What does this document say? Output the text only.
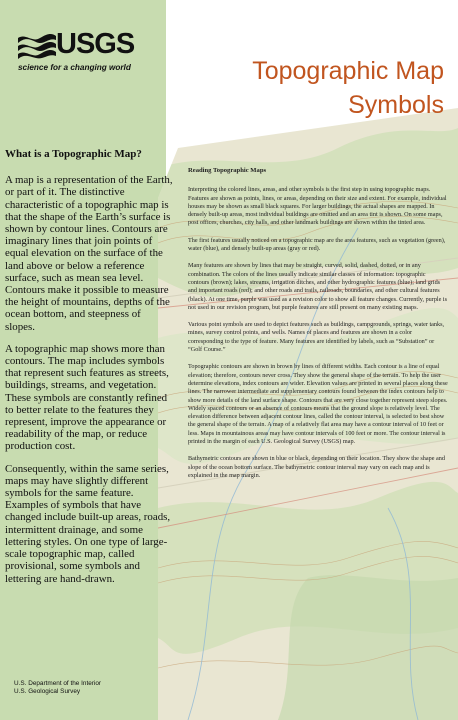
USGS
science for a changing world	Topographic Map
Symbols
What is a Topographic Map?

A map is a representation of the Earth, or part of it. The distinctive characteristic of a topographic map is that the shape of the Earth’s surface is shown by contour lines. Contours are imaginary lines that join points of equal elevation on the surface of the land above or below a reference surface, such as mean sea level. Contours make it possible to measure the height of mountains, depths of the ocean bottom, and steepness of slopes.

A topographic map shows more than contours. The map includes symbols that represent such features as streets, buildings, streams, and vegetation. These symbols are constantly refined to better relate to the features they represent, improve the appearance or readability of the map, or reduce production cost.

Consequently, within the same series, maps may have slightly different symbols for the same feature. Examples of symbols that have changed include built-up areas, roads, intermittent drainage, and some lettering styles. On one type of large-scale topographic map, called provisional, some symbols and lettering are hand-drawn.

Reading Topographic Maps

Interpreting the colored lines, areas, and other symbols is the first step in using topographic maps. Features are shown as points, lines, or areas, depending on their size and extent. For example, individual houses may be shown as small black squares. For larger buildings, the actual shapes are mapped. In densely built-up areas, most individual buildings are omitted and an area tint is shown. On some maps, post offices, churches, city halls, and other landmark buildings are shown within the tinted area.

The first features usually noticed on a topographic map are the area features, such as vegetation (green), water (blue), and densely built-up areas (gray or red).

Many features are shown by lines that may be straight, curved, solid, dashed, dotted, or in any combination. The colors of the lines usually indicate similar classes of information: topographic contours (brown); lakes, streams, irrigation ditches, and other hydrographic features (blue); land grids and important roads (red); and other roads and trails, railroads, boundaries, and other cultural features (black). At one time, purple was used as a revision color to show all feature changes. Currently, purple is not used in our revision program, but purple features are still present on many existing maps.

Various point symbols are used to depict features such as buildings, campgrounds, springs, water tanks, mines, survey control points, and wells. Names of places and features are shown in a color corresponding to the type of feature. Many features are identified by labels, such as “Substation” or “Golf Course.”

Topographic contours are shown in brown by lines of different widths. Each contour is a line of equal elevation; therefore, contours never cross. They show the general shape of the terrain. To help the user determine elevations, index contours are wider. Elevation values are printed in several places along these lines. The narrower intermediate and supplementary contours found between the index contours help to show more details of the land surface shape. Contours that are very close together represent steep slopes. Widely spaced contours or an absence of contours means that the ground slope is relatively level. The elevation difference between adjacent contour lines, called the contour interval, is selected to best show the general shape of the terrain. A map of a relatively flat area may have a contour interval of 10 feet or less. Maps in mountainous areas may have contour intervals of 100 feet or more. The contour interval is printed in the margin of each U.S. Geological Survey (USGS) map.

Bathymetric contours are shown in blue or black, depending on their location. They show the shape and slope of the ocean bottom surface. The bathymetric contour interval may vary on each map and is explained in the map margin.

U.S. Department of the Interior
U.S. Geological Survey
